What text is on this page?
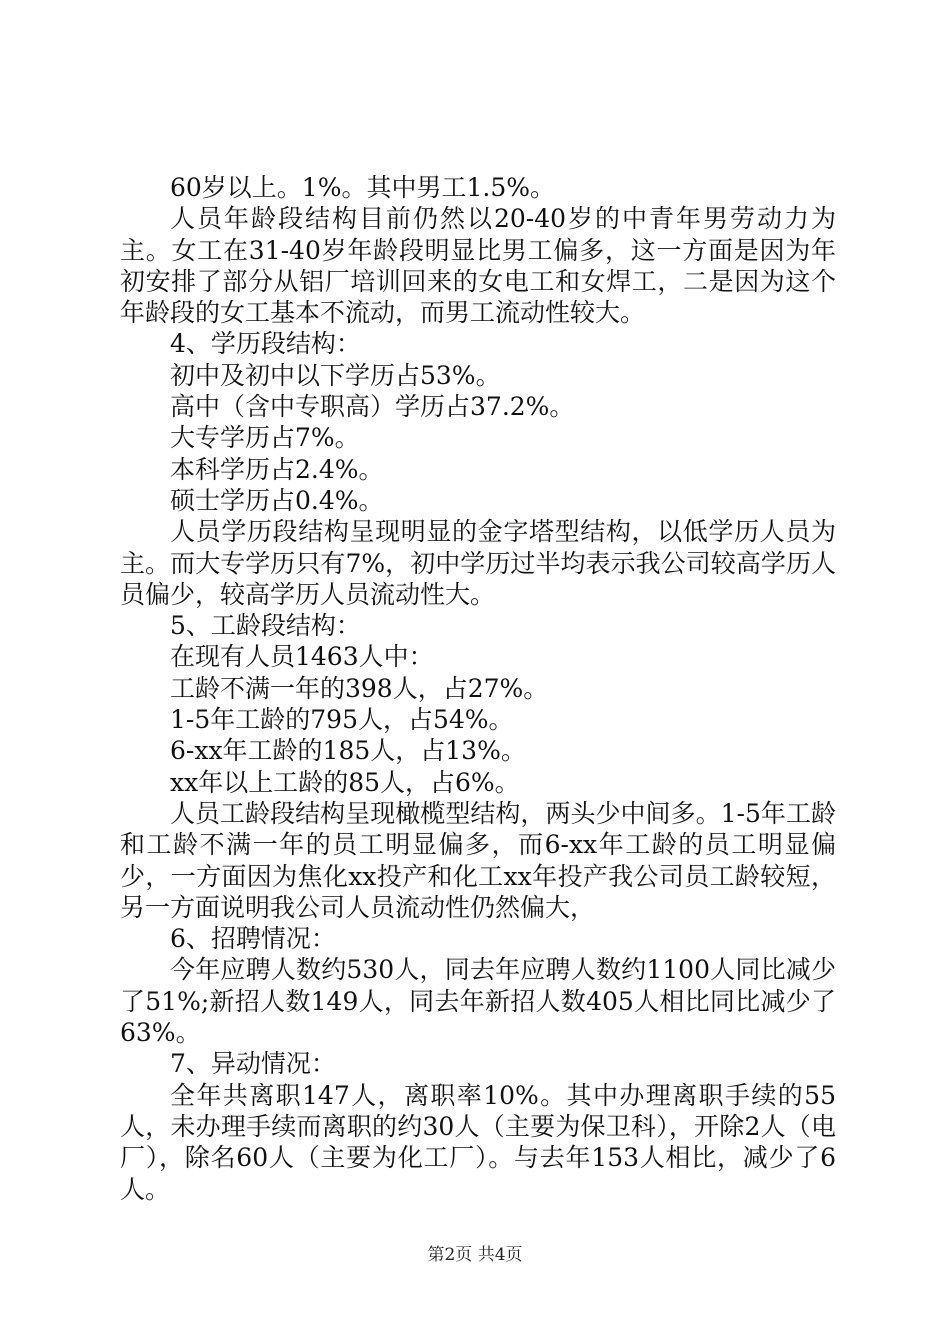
60岁以上。1%。其中男工1.5%。

人员年龄段结构目前仍然以20-40岁的中青年男劳动力为主。女工在31-40岁年龄段明显比男工偏多，这一方面是因为年初安排了部分从铝厂培训回来的女电工和女焊工，二是因为这个年龄段的女工基本不流动，而男工流动性较大。

4、学历段结构：

初中及初中以下学历占53%。

高中（含中专职高）学历占37.2%。

大专学历占7%。

本科学历占2.4%。

硕士学历占0.4%。

人员学历段结构呈现明显的金字塔型结构，以低学历人员为主。而大专学历只有7%，初中学历过半均表示我公司较高学历人员偏少，较高学历人员流动性大。

5、工龄段结构：

在现有人员1463人中：

工龄不满一年的398人，占27%。

1-5年工龄的795人，占54%。

6-xx年工龄的185人，占13%。

xx年以上工龄的85人，占6%。

人员工龄段结构呈现橄榄型结构，两头少中间多。1-5年工龄和工龄不满一年的员工明显偏多，而6-xx年工龄的员工明显偏少，一方面因为焦化xx投产和化工xx年投产我公司员工龄较短，另一方面说明我公司人员流动性仍然偏大，

6、招聘情况：

今年应聘人数约530人，同去年应聘人数约1100人同比减少了51%;新招人数149人，同去年新招人数405人相比同比减少了63%。

7、异动情况：

全年共离职147人，离职率10%。其中办理离职手续的55人，未办理手续而离职的约30人（主要为保卫科），开除2人（电厂），除名60人（主要为化工厂）。与去年153人相比，减少了6人。

第2页 共4页
